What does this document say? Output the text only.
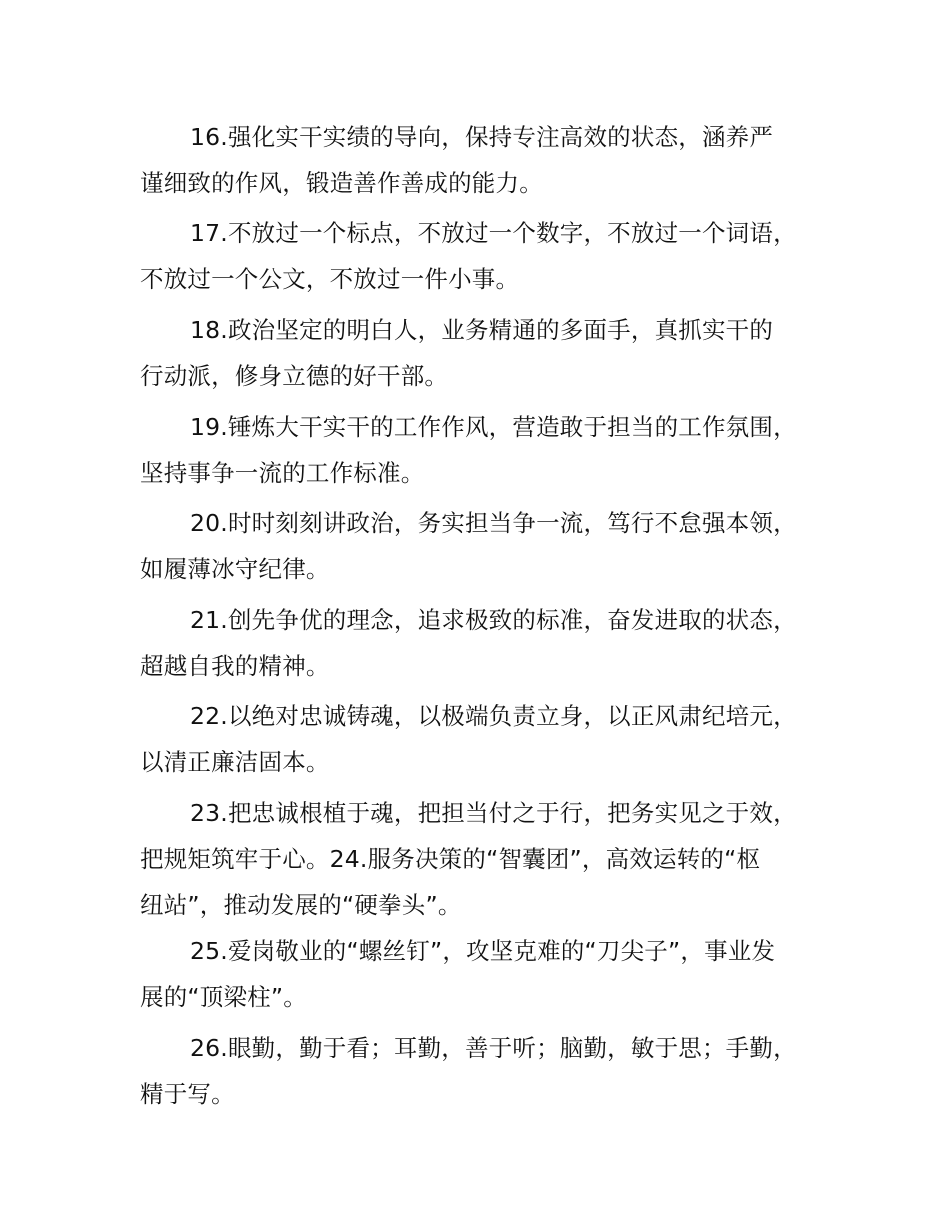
16.强化实干实绩的导向，保持专注高效的状态，涵养严
谨细致的作风，锻造善作善成的能力。
17.不放过一个标点，不放过一个数字，不放过一个词语，
不放过一个公文，不放过一件小事。
18.政治坚定的明白人，业务精通的多面手，真抓实干的
行动派，修身立德的好干部。
19.锤炼大干实干的工作作风，营造敢于担当的工作氛围，
坚持事争一流的工作标准。
20.时时刻刻讲政治，务实担当争一流，笃行不怠强本领，
如履薄冰守纪律。
21.创先争优的理念，追求极致的标准，奋发进取的状态，
超越自我的精神。
22.以绝对忠诚铸魂，以极端负责立身，以正风肃纪培元，
以清正廉洁固本。
23.把忠诚根植于魂，把担当付之于行，把务实见之于效，
把规矩筑牢于心。24.服务决策的“智囊团”，高效运转的“枢
纽站”，推动发展的“硬拳头”。
25.爱岗敬业的“螺丝钉”，攻坚克难的“刀尖子”，事业发
展的“顶梁柱”。
26.眼勤，勤于看；耳勤，善于听；脑勤，敏于思；手勤，
精于写。
